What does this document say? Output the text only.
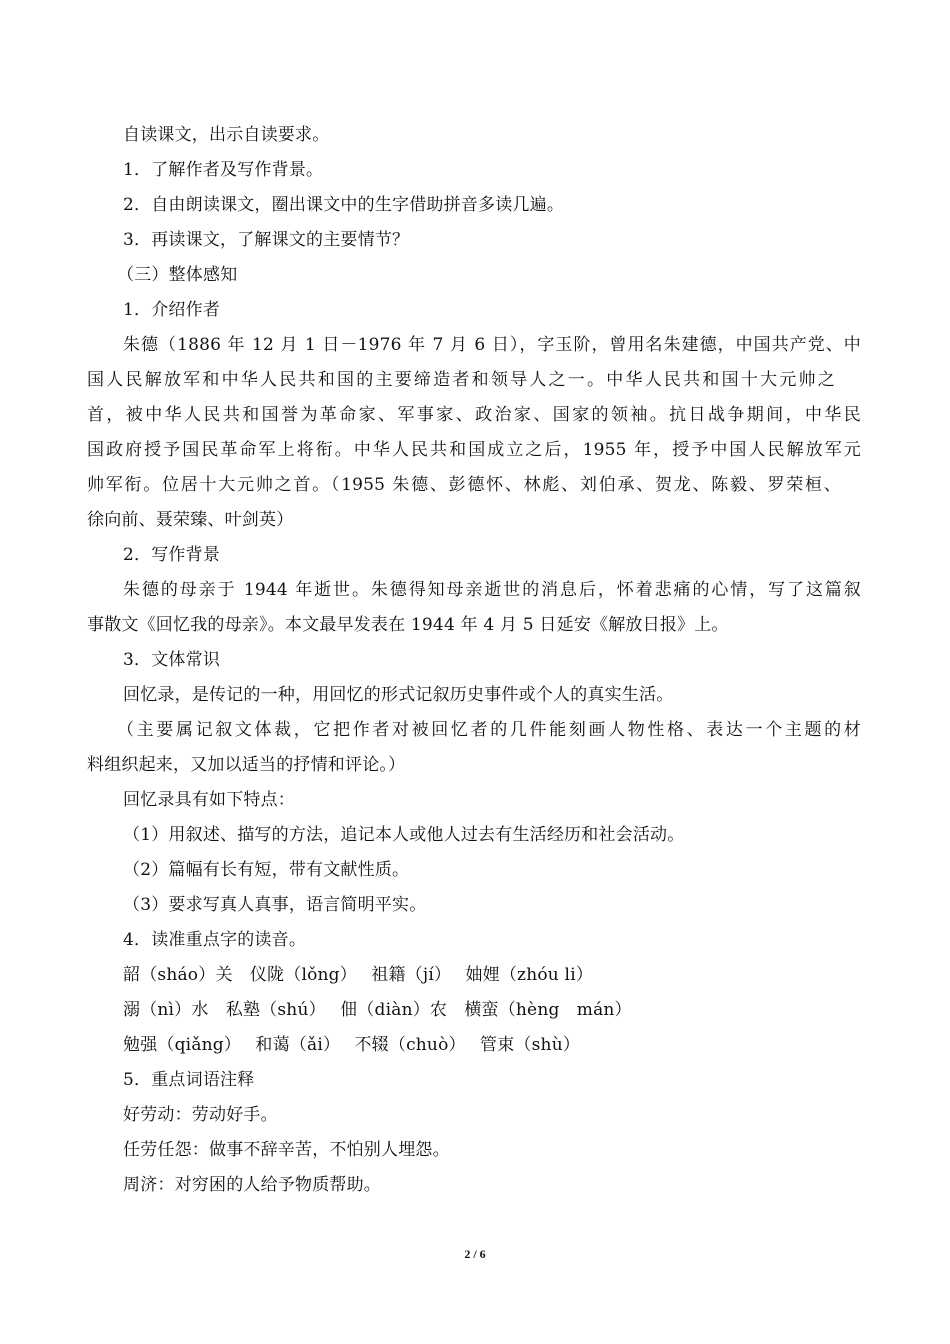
自读课文，出示自读要求。
1．了解作者及写作背景。
2．自由朗读课文，圈出课文中的生字借助拼音多读几遍。
3．再读课文，了解课文的主要情节？
（三）整体感知
1．介绍作者
朱德（1886 年 12 月 1 日－1976 年 7 月 6 日），字玉阶，曾用名朱建德，中国共产党、中
国人民解放军和中华人民共和国的主要缔造者和领导人之一。中华人民共和国十大元帅之
首，被中华人民共和国誉为革命家、军事家、政治家、国家的领袖。抗日战争期间，中华民
国政府授予国民革命军上将衔。中华人民共和国成立之后，1955 年，授予中国人民解放军元
帅军衔。位居十大元帅之首。（1955 朱德、彭德怀、林彪、刘伯承、贺龙、陈毅、罗荣桓、
徐向前、聂荣臻、叶剑英）
2．写作背景
朱德的母亲于 1944 年逝世。朱德得知母亲逝世的消息后，怀着悲痛的心情，写了这篇叙
事散文《回忆我的母亲》。本文最早发表在 1944 年 4 月 5 日延安《解放日报》上。
3．文体常识
回忆录，是传记的一种，用回忆的形式记叙历史事件或个人的真实生活。
（主要属记叙文体裁，它把作者对被回忆者的几件能刻画人物性格、表达一个主题的材
料组织起来，又加以适当的抒情和评论。）
回忆录具有如下特点：
（1）用叙述、描写的方法，追记本人或他人过去有生活经历和社会活动。
（2）篇幅有长有短，带有文献性质。
（3）要求写真人真事，语言简明平实。
4．读准重点字的读音。
韶（sháo）关　仪陇（lǒng）　 祖籍（jí）　 妯娌（zhóu li）
溺（nì）水　私塾（shú）　 佃（diàn）农　横蛮（hèng　mán）
勉强（qiǎng）　 和蔼（ǎi）　 不辍（chuò）　 管束（shù）
5．重点词语注释
好劳动：劳动好手。
任劳任怨：做事不辞辛苦，不怕别人埋怨。
周济：对穷困的人给予物质帮助。
2 / 6
